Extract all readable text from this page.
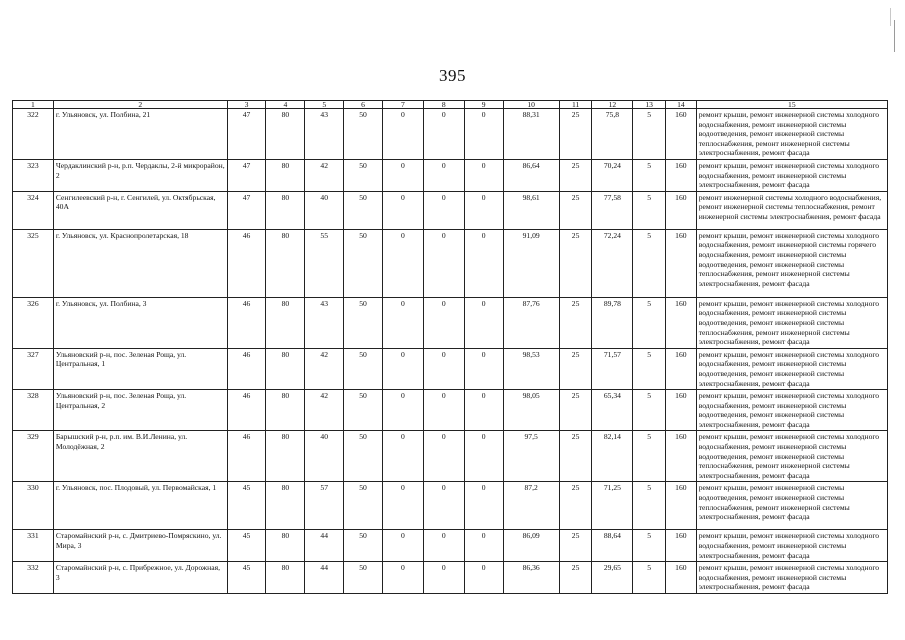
395
1	2	3	4	5	6	7	8	9	10	11	12	13	14	15
322	г. Ульяновск, ул. Полбина, 21	47	80	43	50	0	0	0	88,31	25	75,8	5	160	ремонт крыши, ремонт инженерной системы холодного водоснабжения, ремонт инженерной системы водоотведения, ремонт инженерной системы теплоснабжения, ремонт инженерной системы электроснабжения, ремонт фасада
323	Чердаклинский р-н, р.п. Чердаклы, 2-й микрорайон, 2	47	80	42	50	0	0	0	86,64	25	70,24	5	160	ремонт крыши, ремонт инженерной системы холодного водоснабжения, ремонт инженерной системы электроснабжения, ремонт фасада
324	Сенгилеевский р-н, г. Сенгилей, ул. Октябрьская, 40А	47	80	40	50	0	0	0	98,61	25	77,58	5	160	ремонт инженерной системы холодного водоснабжения, ремонт инженерной системы теплоснабжения, ремонт инженерной системы электроснабжения, ремонт фасада
325	г. Ульяновск, ул. Краснопролетарская, 18	46	80	55	50	0	0	0	91,09	25	72,24	5	160	ремонт крыши, ремонт инженерной системы холодного водоснабжения, ремонт инженерной системы горячего водоснабжения, ремонт инженерной системы водоотведения, ремонт инженерной системы теплоснабжения, ремонт инженерной системы электроснабжения, ремонт фасада
326	г. Ульяновск, ул. Полбина, 3	46	80	43	50	0	0	0	87,76	25	89,78	5	160	ремонт крыши, ремонт инженерной системы холодного водоснабжения, ремонт инженерной системы водоотведения, ремонт инженерной системы теплоснабжения, ремонт инженерной системы электроснабжения, ремонт фасада
327	Ульяновский р-н, пос. Зеленая Роща, ул. Центральная, 1	46	80	42	50	0	0	0	98,53	25	71,57	5	160	ремонт крыши, ремонт инженерной системы холодного водоснабжения, ремонт инженерной системы водоотведения, ремонт инженерной системы электроснабжения, ремонт фасада
328	Ульяновский р-н, пос. Зеленая Роща, ул. Центральная, 2	46	80	42	50	0	0	0	98,05	25	65,34	5	160	ремонт крыши, ремонт инженерной системы холодного водоснабжения, ремонт инженерной системы водоотведения, ремонт инженерной системы электроснабжения, ремонт фасада
329	Барышский р-н, р.п. им. В.И.Ленина, ул. Молодёжная, 2	46	80	40	50	0	0	0	97,5	25	82,14	5	160	ремонт крыши, ремонт инженерной системы холодного водоснабжения, ремонт инженерной системы водоотведения, ремонт инженерной системы теплоснабжения, ремонт инженерной системы электроснабжения, ремонт фасада
330	г. Ульяновск, пос. Плодовый, ул. Первомайская, 1	45	80	57	50	0	0	0	87,2	25	71,25	5	160	ремонт крыши, ремонт инженерной системы водоотведения, ремонт инженерной системы теплоснабжения, ремонт инженерной системы электроснабжения, ремонт фасада
331	Старомайнский р-н, с. Дмитриево-Помряскино, ул. Мира, 3	45	80	44	50	0	0	0	86,09	25	88,64	5	160	ремонт крыши, ремонт инженерной системы холодного водоснабжения, ремонт инженерной системы электроснабжения, ремонт фасада
332	Старомайнский р-н, с. Прибрежное, ул. Дорожная, 3	45	80	44	50	0	0	0	86,36	25	29,65	5	160	ремонт крыши, ремонт инженерной системы холодного водоснабжения, ремонт инженерной системы электроснабжения, ремонт фасада
